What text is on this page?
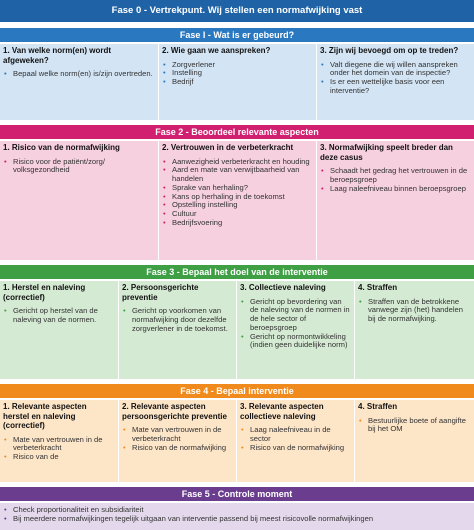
Fase 0 - Vertrekpunt. Wij stellen een normafwijking vast
Fase I - Wat is er gebeurd?
1. Van welke norm(en) wordt afgeweken?
• Bepaal welke norm(en) is/zijn overtreden.
2. Wie gaan we aanspreken?
• Zorgverlener
• Instelling
• Bedrijf
3. Zijn wij bevoegd om op te treden?
• Valt diegene die wij willen aanspreken onder het domein van de inspectie?
• Is er een wettelijke basis voor een interventie?
Fase 2 - Beoordeel relevante aspecten
1. Risico van de normafwijking
• Risico voor de patiënt/zorg/ volksgezondheid
2. Vertrouwen in de verbeterkracht
• Aanwezigheid verbeterkracht en houding
• Aard en mate van verwijtbaarheid van handelen
• Sprake van herhaling?
• Kans op herhaling in de toekomst
• Opstelling instelling
• Cultuur
• Bedrijfsvoering
3. Normafwijking speelt breder dan deze casus
• Schaadt het gedrag het vertrouwen in de beroepsgroep
• Laag naleefniveau binnen beroepsgroep
Fase 3 - Bepaal het doel van de interventie
1. Herstel en naleving (correctief)
• Gericht op herstel van de naleving van de normen.
2. Persoonsgerichte preventie
• Gericht op voorkomen van normafwijking door dezelfde zorgverlener in de toekomst.
3. Collectieve naleving
• Gericht op bevordering van de naleving van de normen in de hele sector of beroepsgroep
• Gericht op normontwikkeling (indien geen duidelijke norm)
4. Straffen
• Straffen van de betrokkene vanwege zijn (het) handelen bij de normafwijking.
Fase 4 - Bepaal interventie
1. Relevante aspecten herstel en naleving (correctief)
• Mate van vertrouwen in de verbeterkracht
• Risico van de
2. Relevante aspecten persoonsgerichte preventie
• Mate van vertrouwen in de verbeterkracht
• Risico van de normafwijking
3. Relevante aspecten collectieve naleving
• Laag naleefniveau in de sector
• Risico van de normafwijking
4. Straffen
• Bestuurlijke boete of aangifte bij het OM
Fase 5 - Controle moment
• Check proportionaliteit en subsidiariteit
• Bij meerdere normafwijkingen tegelijk uitgaan van interventie passend bij meest risicovolle normafwijkingen
